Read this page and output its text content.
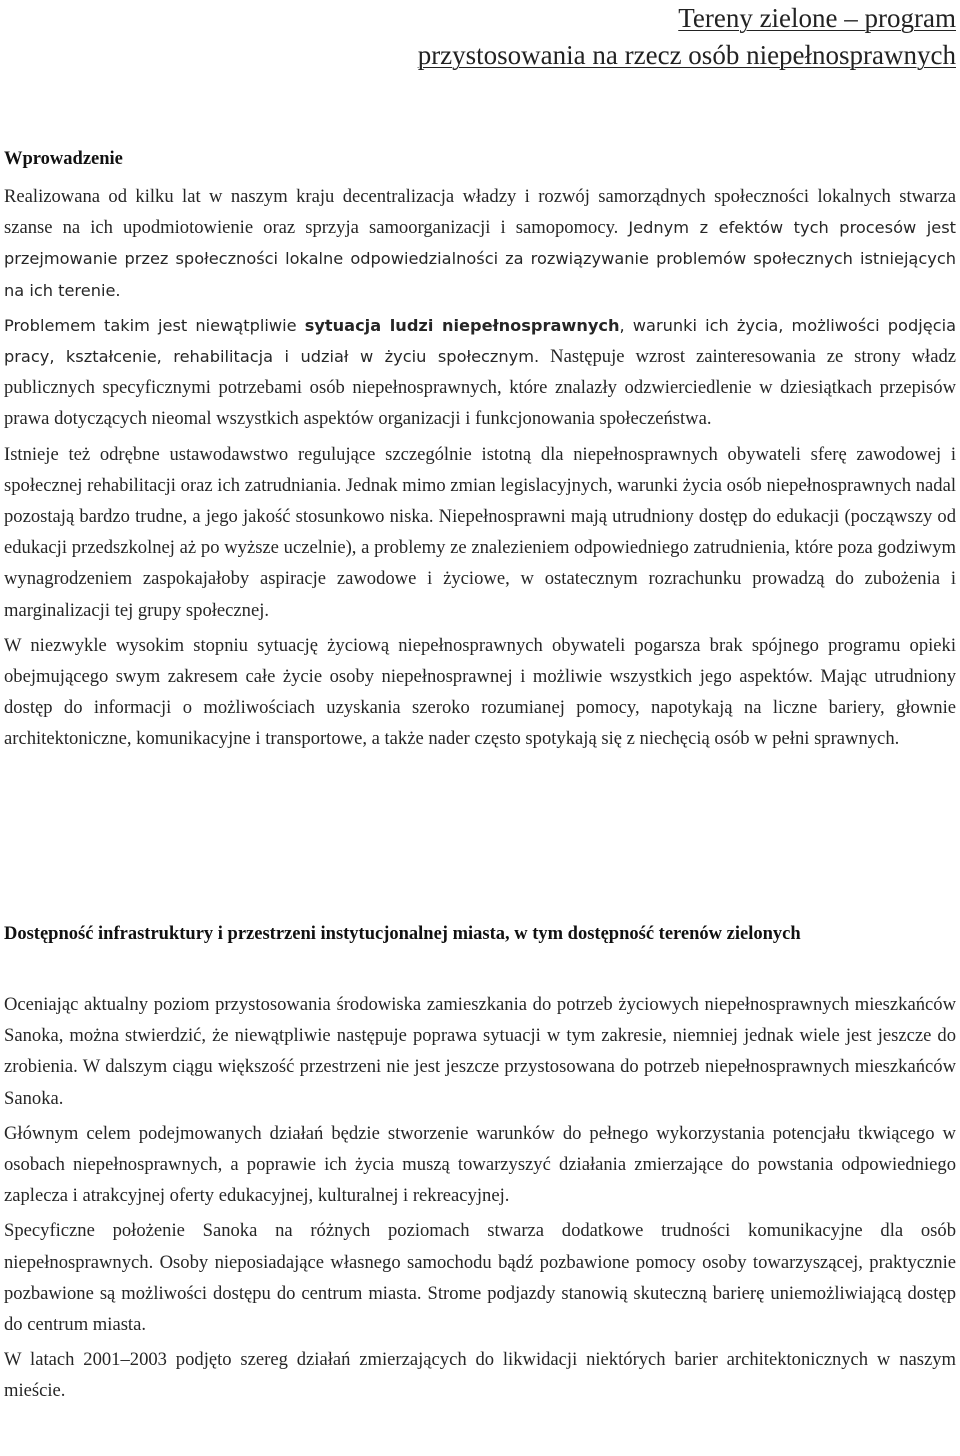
Tereny zielone – program
przystosowania na rzecz osób niepełnosprawnych
Wprowadzenie

Realizowana od kilku lat w naszym kraju decentralizacja władzy i rozwój samorządnych społeczności lokalnych stwarza szanse na ich upodmiotowienie oraz sprzyja samoorganizacji i samopomocy. Jednym z efektów tych procesów jest przejmowanie przez społeczności lokalne odpowiedzialności za rozwiązywanie problemów społecznych istniejących na ich terenie.

Problemem takim jest niewątpliwie sytuacja ludzi niepełnosprawnych, warunki ich życia, możliwości podjęcia pracy, kształcenie, rehabilitacja i udział w życiu społecznym. Następuje wzrost zainteresowania ze strony władz publicznych specyficznymi potrzebami osób niepełnosprawnych, które znalazły odzwierciedlenie w dziesiątkach przepisów prawa dotyczących nieomal wszystkich aspektów organizacji i funkcjonowania społeczeństwa.

Istnieje też odrębne ustawodawstwo regulujące szczególnie istotną dla niepełnosprawnych obywateli sferę zawodowej i społecznej rehabilitacji oraz ich zatrudniania. Jednak mimo zmian legislacyjnych, warunki życia osób niepełnosprawnych nadal pozostają bardzo trudne, a jego jakość stosunkowo niska. Niepełnosprawni mają utrudniony dostęp do edukacji (począwszy od edukacji przedszkolnej aż po wyższe uczelnie), a problemy ze znalezieniem odpowiedniego zatrudnienia, które poza godziwym wynagrodzeniem zaspokajałoby aspiracje zawodowe i życiowe, w ostatecznym rozrachunku prowadzą do zubożenia i marginalizacji tej grupy społecznej.

W niezwykle wysokim stopniu sytuację życiową niepełnosprawnych obywateli pogarsza brak spójnego programu opieki obejmującego swym zakresem całe życie osoby niepełnosprawnej i możliwie wszystkich jego aspektów. Mając utrudniony dostęp do informacji o możliwościach uzyskania szeroko rozumianej pomocy, napotykają na liczne bariery, głownie architektoniczne, komunikacyjne i transportowe, a także nader często spotykają się z niechęcią osób w pełni sprawnych.

Dostępność infrastruktury i przestrzeni instytucjonalnej miasta, w tym dostępność terenów zielonych

Oceniając aktualny poziom przystosowania środowiska zamieszkania do potrzeb życiowych niepełnosprawnych mieszkańców Sanoka, można stwierdzić, że niewątpliwie następuje poprawa sytuacji w tym zakresie, niemniej jednak wiele jest jeszcze do zrobienia. W dalszym ciągu większość przestrzeni nie jest jeszcze przystosowana do potrzeb niepełnosprawnych mieszkańców Sanoka.

Głównym celem podejmowanych działań będzie stworzenie warunków do pełnego wykorzystania potencjału tkwiącego w osobach niepełnosprawnych, a poprawie ich życia muszą towarzyszyć działania zmierzające do powstania odpowiedniego zaplecza i atrakcyjnej oferty edukacyjnej, kulturalnej i rekreacyjnej.

Specyficzne położenie Sanoka na różnych poziomach stwarza dodatkowe trudności komunikacyjne dla osób niepełnosprawnych. Osoby nieposiadające własnego samochodu bądź pozbawione pomocy osoby towarzyszącej, praktycznie pozbawione są możliwości dostępu do centrum miasta. Strome podjazdy stanowią skuteczną barierę uniemożliwiającą dostęp do centrum miasta.

W latach 2001–2003 podjęto szereg działań zmierzających do likwidacji niektórych barier architektonicznych w naszym mieście.
